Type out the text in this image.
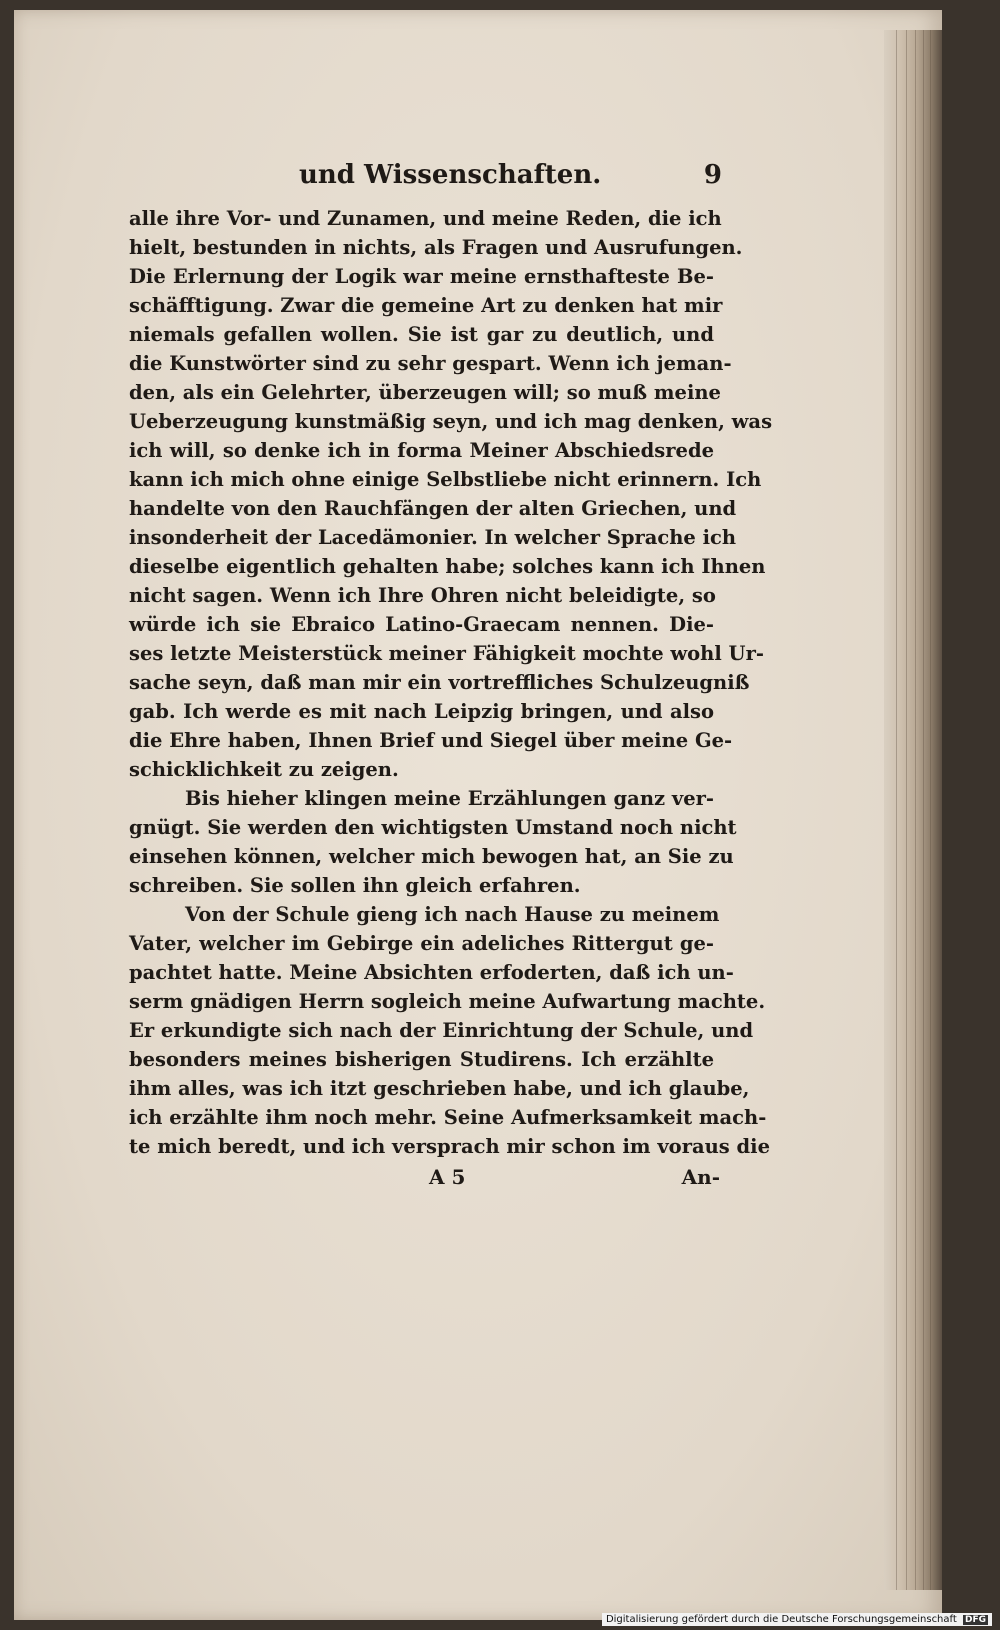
und Wissenschaften.	9
alle ihre Vor- und Zunamen, und meine Reden, die ich
hielt, bestunden in nichts, als Fragen und Ausrufungen.
Die Erlernung der Logik war meine ernsthafteste Be-
schäfftigung. Zwar die gemeine Art zu denken hat mir
niemals gefallen wollen. Sie ist gar zu deutlich, und
die Kunstwörter sind zu sehr gespart. Wenn ich jeman-
den, als ein Gelehrter, überzeugen will; so muß meine
Ueberzeugung kunstmäßig seyn, und ich mag denken, was
ich will, so denke ich in forma Meiner Abschiedsrede
kann ich mich ohne einige Selbstliebe nicht erinnern. Ich
handelte von den Rauchfängen der alten Griechen, und
insonderheit der Lacedämonier. In welcher Sprache ich
dieselbe eigentlich gehalten habe; solches kann ich Ihnen
nicht sagen. Wenn ich Ihre Ohren nicht beleidigte, so
würde ich sie Ebraico Latino-Graecam nennen. Die-
ses letzte Meisterstück meiner Fähigkeit mochte wohl Ur-
sache seyn, daß man mir ein vortreffliches Schulzeugniß
gab. Ich werde es mit nach Leipzig bringen, und also
die Ehre haben, Ihnen Brief und Siegel über meine Ge-
schicklichkeit zu zeigen.
Bis hieher klingen meine Erzählungen ganz ver-
gnügt. Sie werden den wichtigsten Umstand noch nicht
einsehen können, welcher mich bewogen hat, an Sie zu
schreiben. Sie sollen ihn gleich erfahren.
Von der Schule gieng ich nach Hause zu meinem
Vater, welcher im Gebirge ein adeliches Rittergut ge-
pachtet hatte. Meine Absichten erfoderten, daß ich un-
serm gnädigen Herrn sogleich meine Aufwartung machte.
Er erkundigte sich nach der Einrichtung der Schule, und
besonders meines bisherigen Studirens. Ich erzählte
ihm alles, was ich itzt geschrieben habe, und ich glaube,
ich erzählte ihm noch mehr. Seine Aufmerksamkeit mach-
te mich beredt, und ich versprach mir schon im voraus die
A 5	An-
Digitalisierung gefördert durch die Deutsche Forschungsgemeinschaft DFG
